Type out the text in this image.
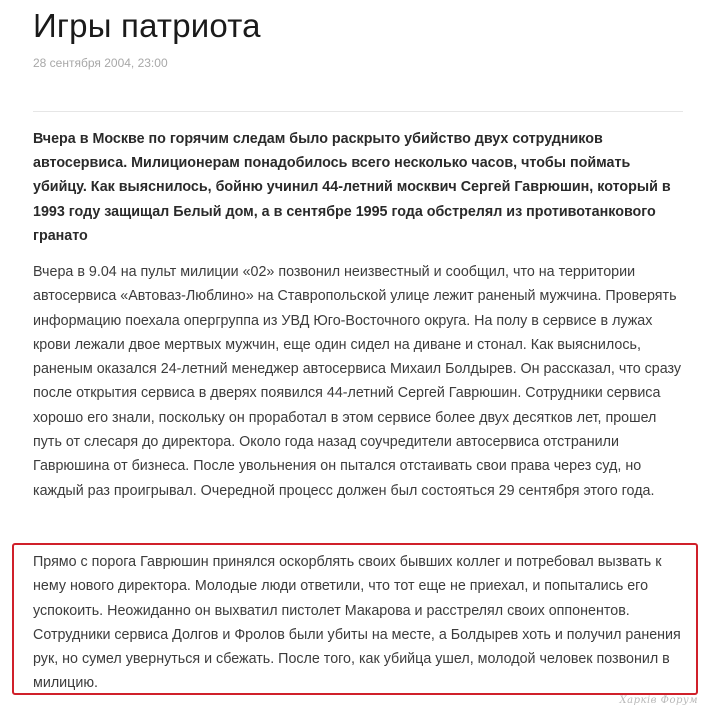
Игры патриота
28 сентября 2004, 23:00

Вчера в Москве по горячим следам было раскрыто убийство двух сотрудников автосервиса. Милиционерам понадобилось всего несколько часов, чтобы поймать убийцу. Как выяснилось, бойню учинил 44-летний москвич Сергей Гаврюшин, который в 1993 году защищал Белый дом, а в сентябре 1995 года обстрелял из противотанкового гранато

Вчера в 9.04 на пульт милиции «02» позвонил неизвестный и сообщил, что на территории автосервиса «Автоваз-Люблино» на Ставропольской улице лежит раненый мужчина. Проверять информацию поехала опергруппа из УВД Юго-Восточного округа. На полу в сервисе в лужах крови лежали двое мертвых мужчин, еще один сидел на диване и стонал. Как выяснилось, раненым оказался 24-летний менеджер автосервиса Михаил Болдырев. Он рассказал, что сразу после открытия сервиса в дверях появился 44-летний Сергей Гаврюшин. Сотрудники сервиса хорошо его знали, поскольку он проработал в этом сервисе более двух десятков лет, прошел путь от слесаря до директора. Около года назад соучредители автосервиса отстранили Гаврюшина от бизнеса. После увольнения он пытался отстаивать свои права через суд, но каждый раз проигрывал. Очередной процесс должен был состояться 29 сентября этого года.

Прямо с порога Гаврюшин принялся оскорблять своих бывших коллег и потребовал вызвать к нему нового директора. Молодые люди ответили, что тот еще не приехал, и попытались его успокоить. Неожиданно он выхватил пистолет Макарова и расстрелял своих оппонентов. Сотрудники сервиса Долгов и Фролов были убиты на месте, а Болдырев хоть и получил ранения рук, но сумел увернуться и сбежать. После того, как убийца ушел, молодой человек позвонил в милицию.

Харків Форум
